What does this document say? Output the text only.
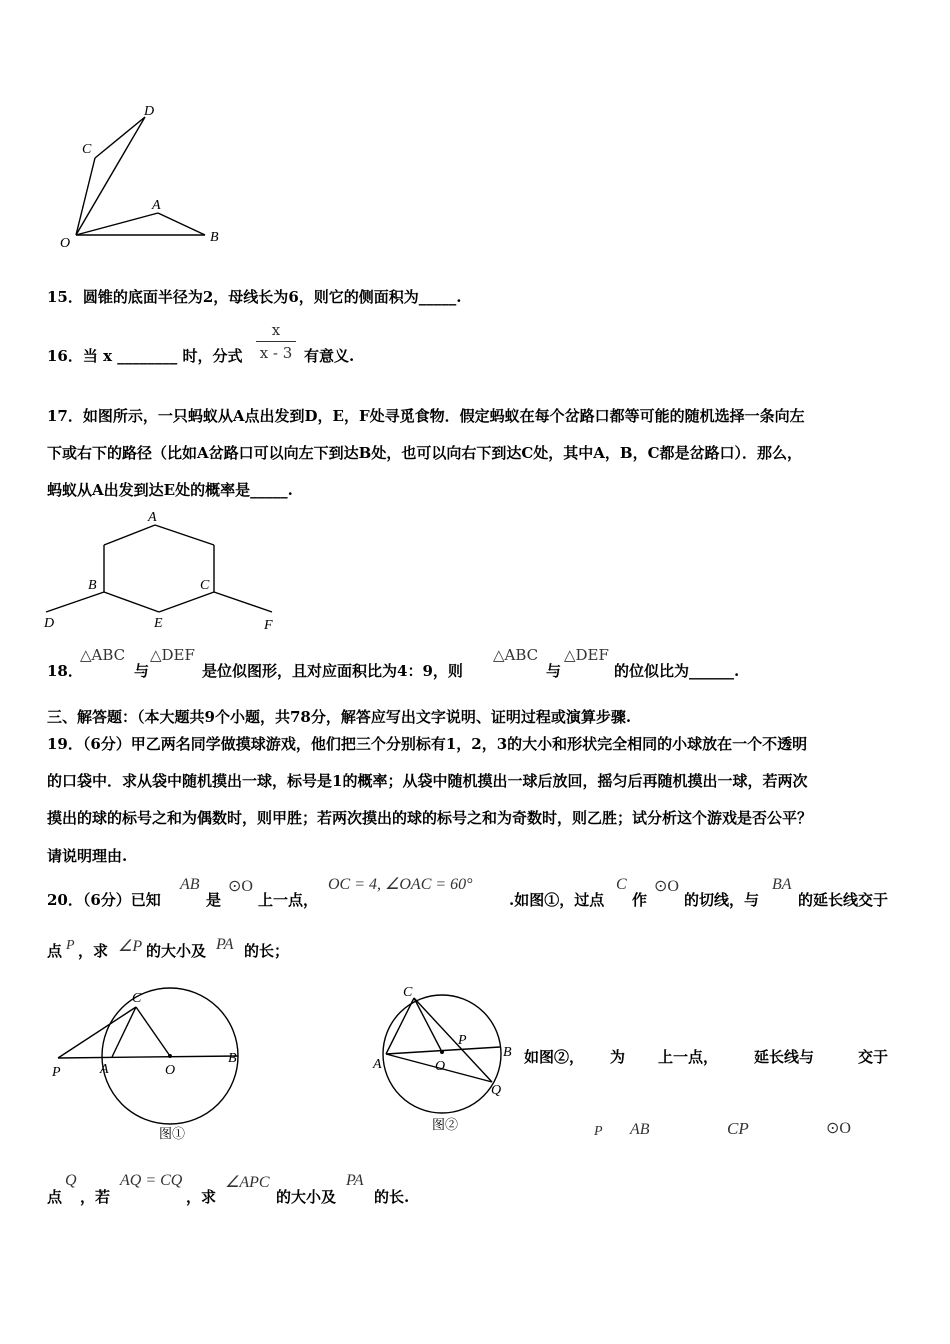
D
C
A
O	B
15．圆锥的底面半径为2，母线长为6，则它的侧面积为_____.
16．当 x ________ 时，分式
x
x - 3 有意义.
17．如图所示，一只蚂蚁从A点出发到D，E，F处寻觅食物．假定蚂蚁在每个岔路口都等可能的随机选择一条向左
下或右下的路径（比如A岔路口可以向左下到达B处，也可以向右下到达C处，其中A，B，C都是岔路口）．那么，
蚂蚁从A出发到达E处的概率是_____.
A
B	C
D	E	F
18．
△ABC
与
△DEF
是位似图形，且对应面积比为4：9，则
△ABC
与
△DEF
的位似比为______.
三、解答题：（本大题共9个小题，共78分，解答应写出文字说明、证明过程或演算步骤.
19．（6分）甲乙两名同学做摸球游戏，他们把三个分别标有1，2，3的大小和形状完全相同的小球放在一个不透明
的口袋中．求从袋中随机摸出一球，标号是1的概率；从袋中随机摸出一球后放回，摇匀后再随机摸出一球，若两次
摸出的球的标号之和为偶数时，则甲胜；若两次摸出的球的标号之和为奇数时，则乙胜；试分析这个游戏是否公平？
请说明理由.
20．（6分）已知
AB
是
⊙O
上一点，
OC = 4, ∠OAC = 60°
.如图①，过点
C
作
⊙O
的切线，与
BA
的延长线交于
点 P ，求 ∠P 的大小及 PA 的长；
C
P	A	O
B
图①
C
A	O
P
B
Q
图②
如图②， 为 上一点， 延长线与	交于
P AB	CP	⊙O
点
Q
，若
AQ = CQ
，求
∠APC
的大小及
PA
的长.
